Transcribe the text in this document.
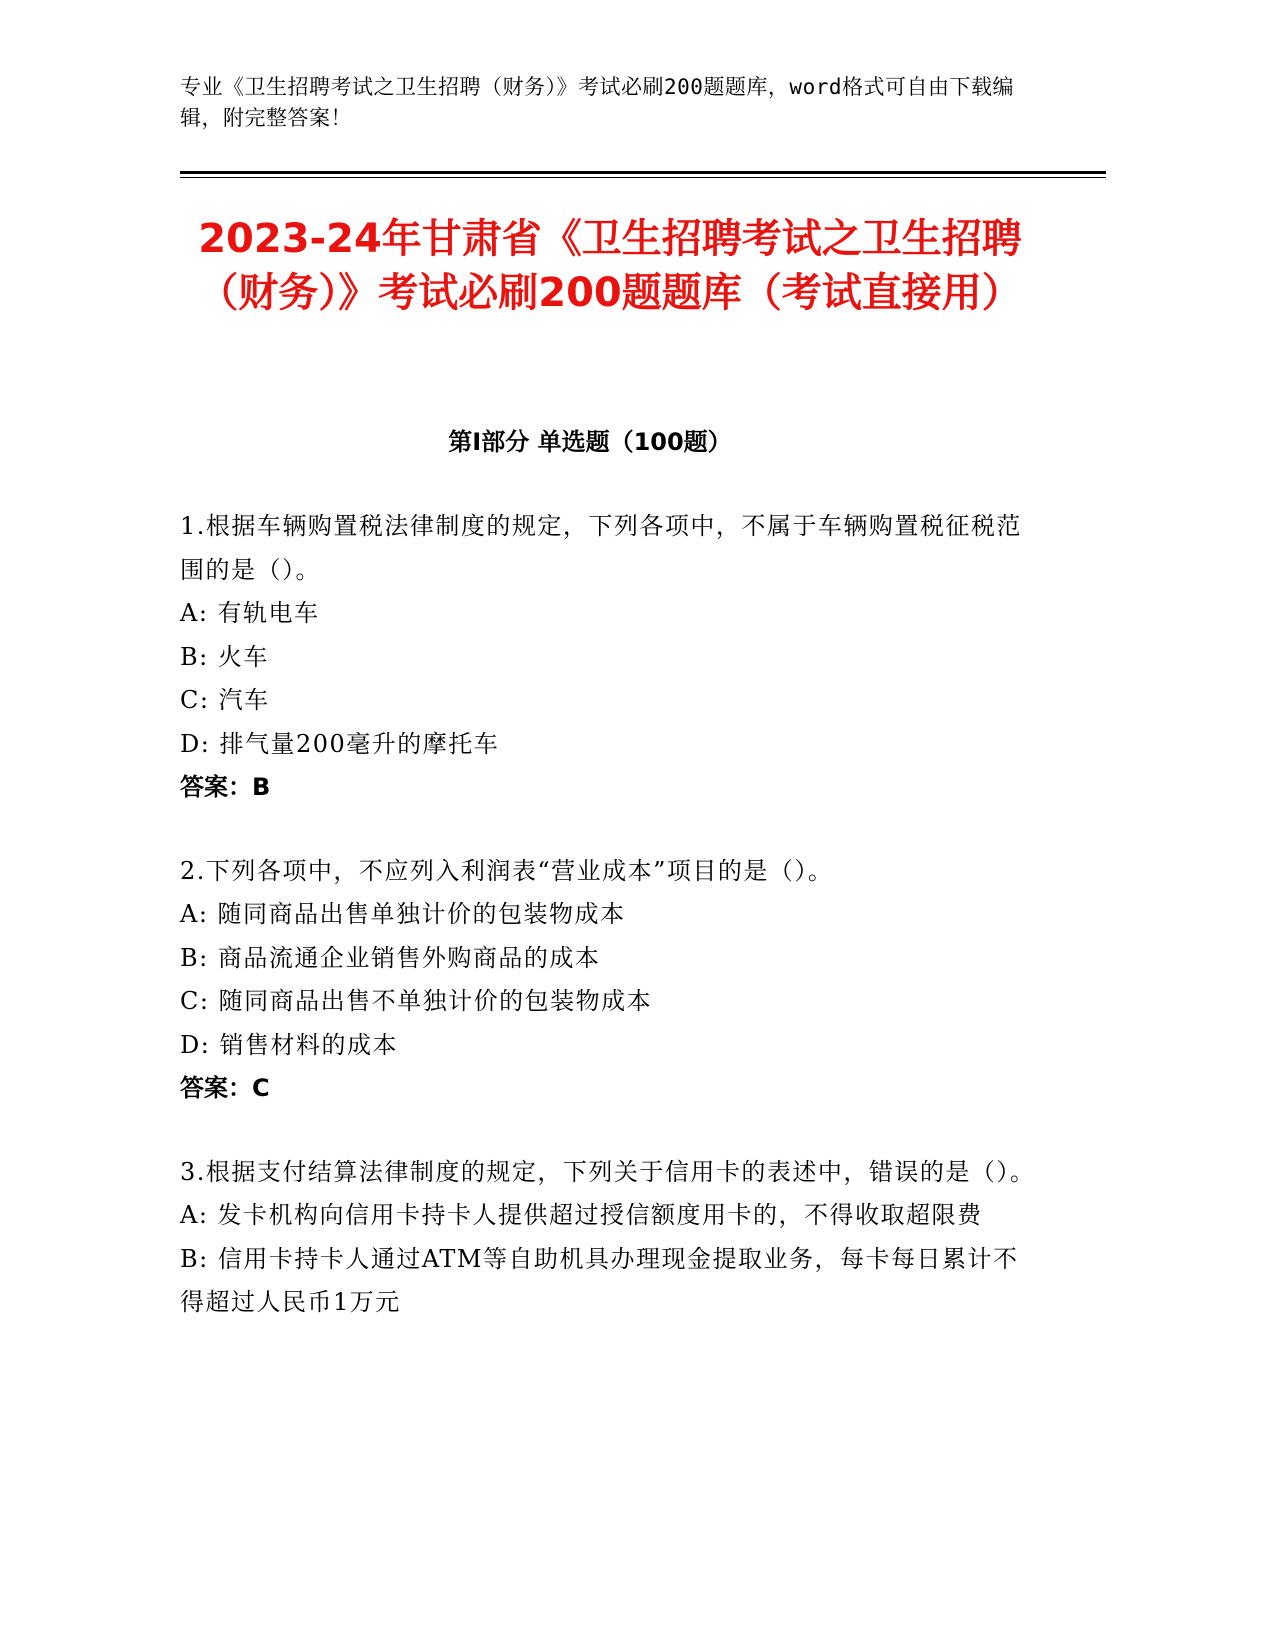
专业《卫生招聘考试之卫生招聘（财务）》考试必刷200题题库，word格式可自由下载编辑，附完整答案！
2023-24年甘肃省《卫生招聘考试之卫生招聘（财务）》考试必刷200题题库（考试直接用）
第Ⅰ部分 单选题（100题）
1.根据车辆购置税法律制度的规定，下列各项中，不属于车辆购置税征税范围的是（）。
A: 有轨电车
B: 火车
C: 汽车
D: 排气量200毫升的摩托车
答案：B
2.下列各项中，不应列入利润表“营业成本”项目的是（）。
A: 随同商品出售单独计价的包装物成本
B: 商品流通企业销售外购商品的成本
C: 随同商品出售不单独计价的包装物成本
D: 销售材料的成本
答案：C
3.根据支付结算法律制度的规定，下列关于信用卡的表述中，错误的是（）。
A: 发卡机构向信用卡持卡人提供超过授信额度用卡的，不得收取超限费
B: 信用卡持卡人通过ATM等自助机具办理现金提取业务，每卡每日累计不得超过人民币1万元
